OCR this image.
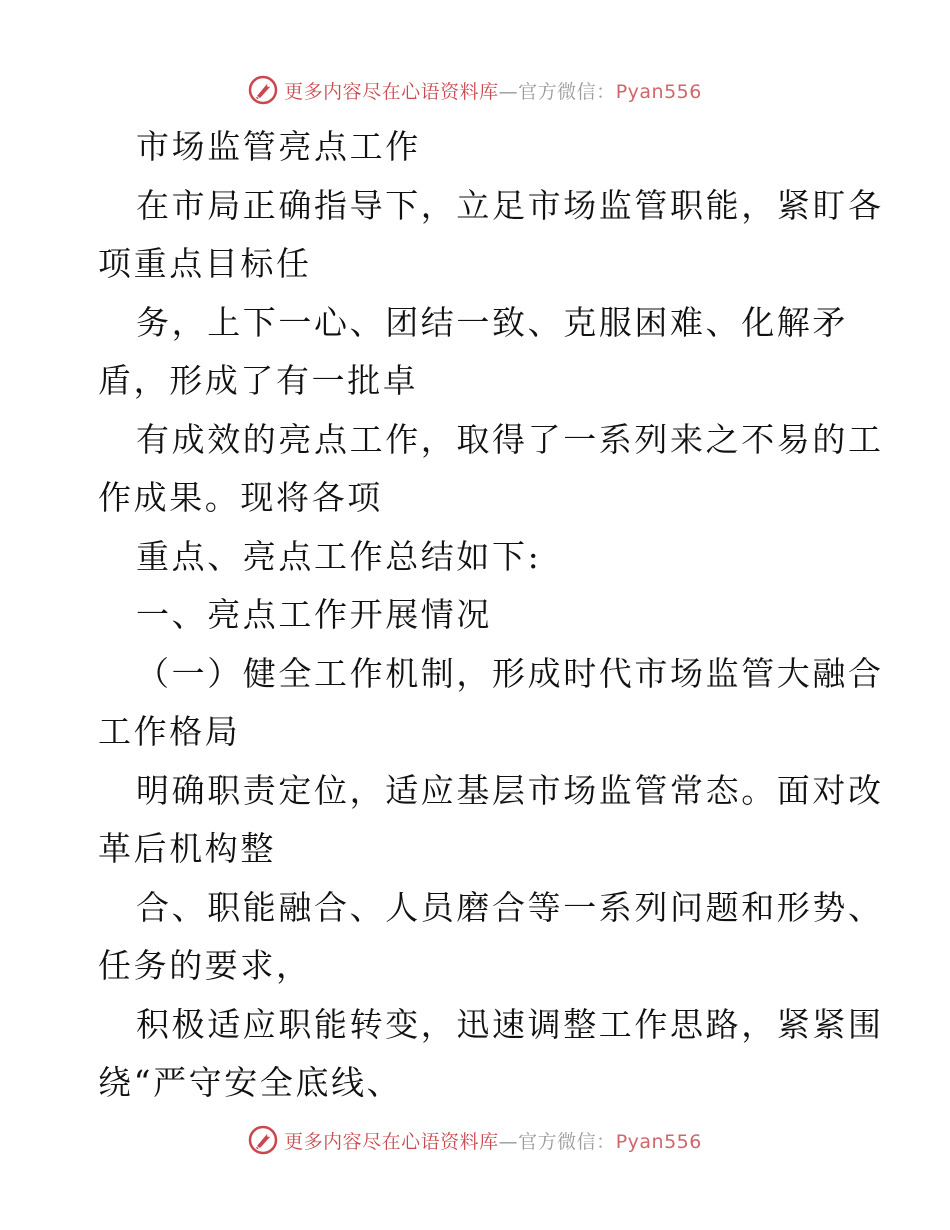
更多内容尽在心语资料库—官方微信：Pyan556
市场监管亮点工作
在市局正确指导下，立足市场监管职能，紧盯各
项重点目标任
务，上下一心、团结一致、克服困难、化解矛
盾，形成了有一批卓
有成效的亮点工作，取得了一系列来之不易的工
作成果。现将各项
重点、亮点工作总结如下:
一、亮点工作开展情况
（一）健全工作机制，形成时代市场监管大融合
工作格局
明确职责定位，适应基层市场监管常态。面对改
革后机构整
合、职能融合、人员磨合等一系列问题和形势、
任务的要求，
积极适应职能转变，迅速调整工作思路，紧紧围
绕“严守安全底线、
更多内容尽在心语资料库—官方微信：Pyan556
